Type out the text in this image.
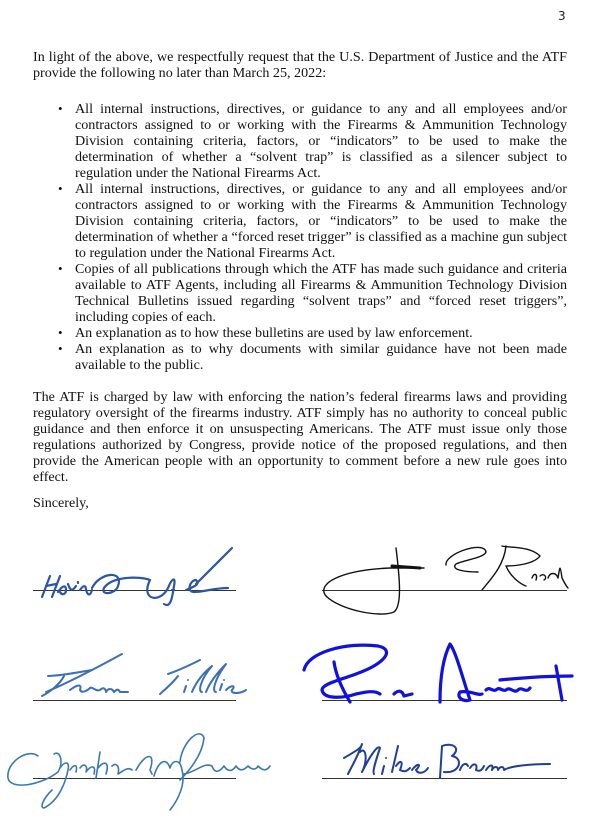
3

In light of the above, we respectfully request that the U.S. Department of Justice and the ATF provide the following no later than March 25, 2022:

• All internal instructions, directives, or guidance to any and all employees and/or contractors assigned to or working with the Firearms & Ammunition Technology Division containing criteria, factors, or “indicators” to be used to make the determination of whether a “solvent trap” is classified as a silencer subject to regulation under the National Firearms Act.
• All internal instructions, directives, or guidance to any and all employees and/or contractors assigned to or working with the Firearms & Ammunition Technology Division containing criteria, factors, or “indicators” to be used to make the determination of whether a “forced reset trigger” is classified as a machine gun subject to regulation under the National Firearms Act.
• Copies of all publications through which the ATF has made such guidance and criteria available to ATF Agents, including all Firearms & Ammunition Technology Division Technical Bulletins issued regarding “solvent traps” and “forced reset triggers”, including copies of each.
• An explanation as to how these bulletins are used by law enforcement.
• An explanation as to why documents with similar guidance have not been made available to the public.

The ATF is charged by law with enforcing the nation’s federal firearms laws and providing regulatory oversight of the firearms industry. ATF simply has no authority to conceal public guidance and then enforce it on unsuspecting Americans. The ATF must issue only those regulations authorized by Congress, provide notice of the proposed regulations, and then provide the American people with an opportunity to comment before a new rule goes into effect.

Sincerely,
